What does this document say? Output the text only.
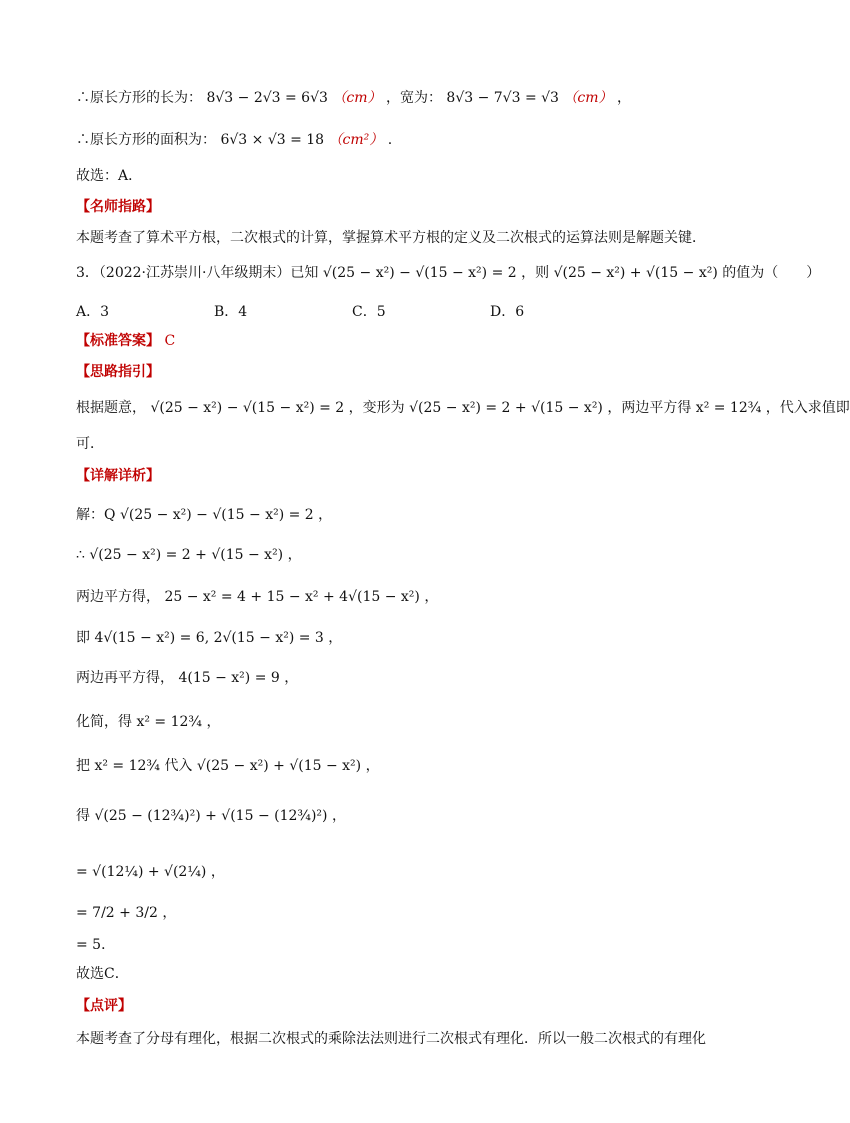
∴原长方形的长为： 8√3 − 2√3 = 6√3 （cm） ，宽为： 8√3 − 7√3 = √3 （cm） ，
∴原长方形的面积为： 6√3 × √3 = 18 （cm²） .
故选：A．
【名师指路】
本题考查了算术平方根，二次根式的计算，掌握算术平方根的定义及二次根式的运算法则是解题关键．
3．（2022·江苏崇川·八年级期末）已知 √(25 − x²) − √(15 − x²) = 2 ，则 √(25 − x²) + √(15 − x²) 的值为（　　）
A．3	B．4	C．5	D．6
【标准答案】 C
【思路指引】
根据题意， √(25 − x²) − √(15 − x²) = 2 ，变形为 √(25 − x²) = 2 + √(15 − x²) ，两边平方得 x² = 12¾ ，代入求值即
可．
【详解详析】
解：Q √(25 − x²) − √(15 − x²) = 2 ，
∴ √(25 − x²) = 2 + √(15 − x²) ，
两边平方得， 25 − x² = 4 + 15 − x² + 4√(15 − x²) ，
即 4√(15 − x²) = 6, 2√(15 − x²) = 3 ，
两边再平方得， 4(15 − x²) = 9 ，
化简，得 x² = 12¾ ，
把 x² = 12¾ 代入 √(25 − x²) + √(15 − x²) ，
得 √(25 − (12¾)²) + √(15 − (12¾)²) ，
= √(12¼) + √(2¼) ，
= 7/2 + 3/2 ，
= 5．
故选C．
【点评】
本题考查了分母有理化，根据二次根式的乘除法法则进行二次根式有理化．所以一般二次根式的有理化
